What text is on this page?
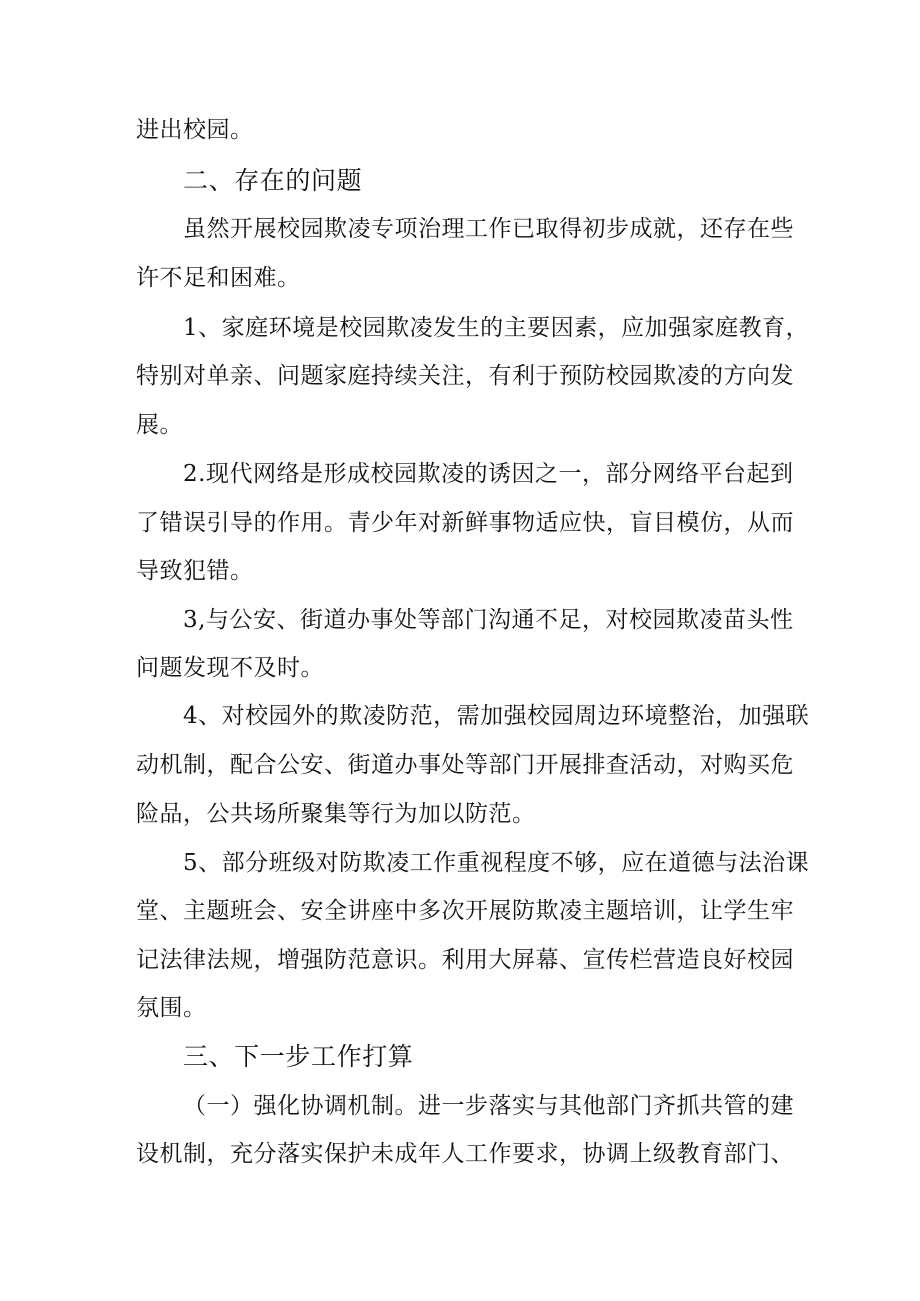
进出校园。
二、存在的问题
虽然开展校园欺凌专项治理工作已取得初步成就，还存在些
许不足和困难。
1、家庭环境是校园欺凌发生的主要因素，应加强家庭教育，
特别对单亲、问题家庭持续关注，有利于预防校园欺凌的方向发
展。
2.现代网络是形成校园欺凌的诱因之一，部分网络平台起到
了错误引导的作用。青少年对新鲜事物适应快，盲目模仿，从而
导致犯错。
3,与公安、街道办事处等部门沟通不足，对校园欺凌苗头性
问题发现不及时。
4、对校园外的欺凌防范，需加强校园周边环境整治，加强联
动机制，配合公安、街道办事处等部门开展排查活动，对购买危
险品，公共场所聚集等行为加以防范。
5、部分班级对防欺凌工作重视程度不够，应在道德与法治课
堂、主题班会、安全讲座中多次开展防欺凌主题培训，让学生牢
记法律法规，增强防范意识。利用大屏幕、宣传栏营造良好校园
氛围。
三、下一步工作打算
（一）强化协调机制。进一步落实与其他部门齐抓共管的建
设机制，充分落实保护未成年人工作要求，协调上级教育部门、
